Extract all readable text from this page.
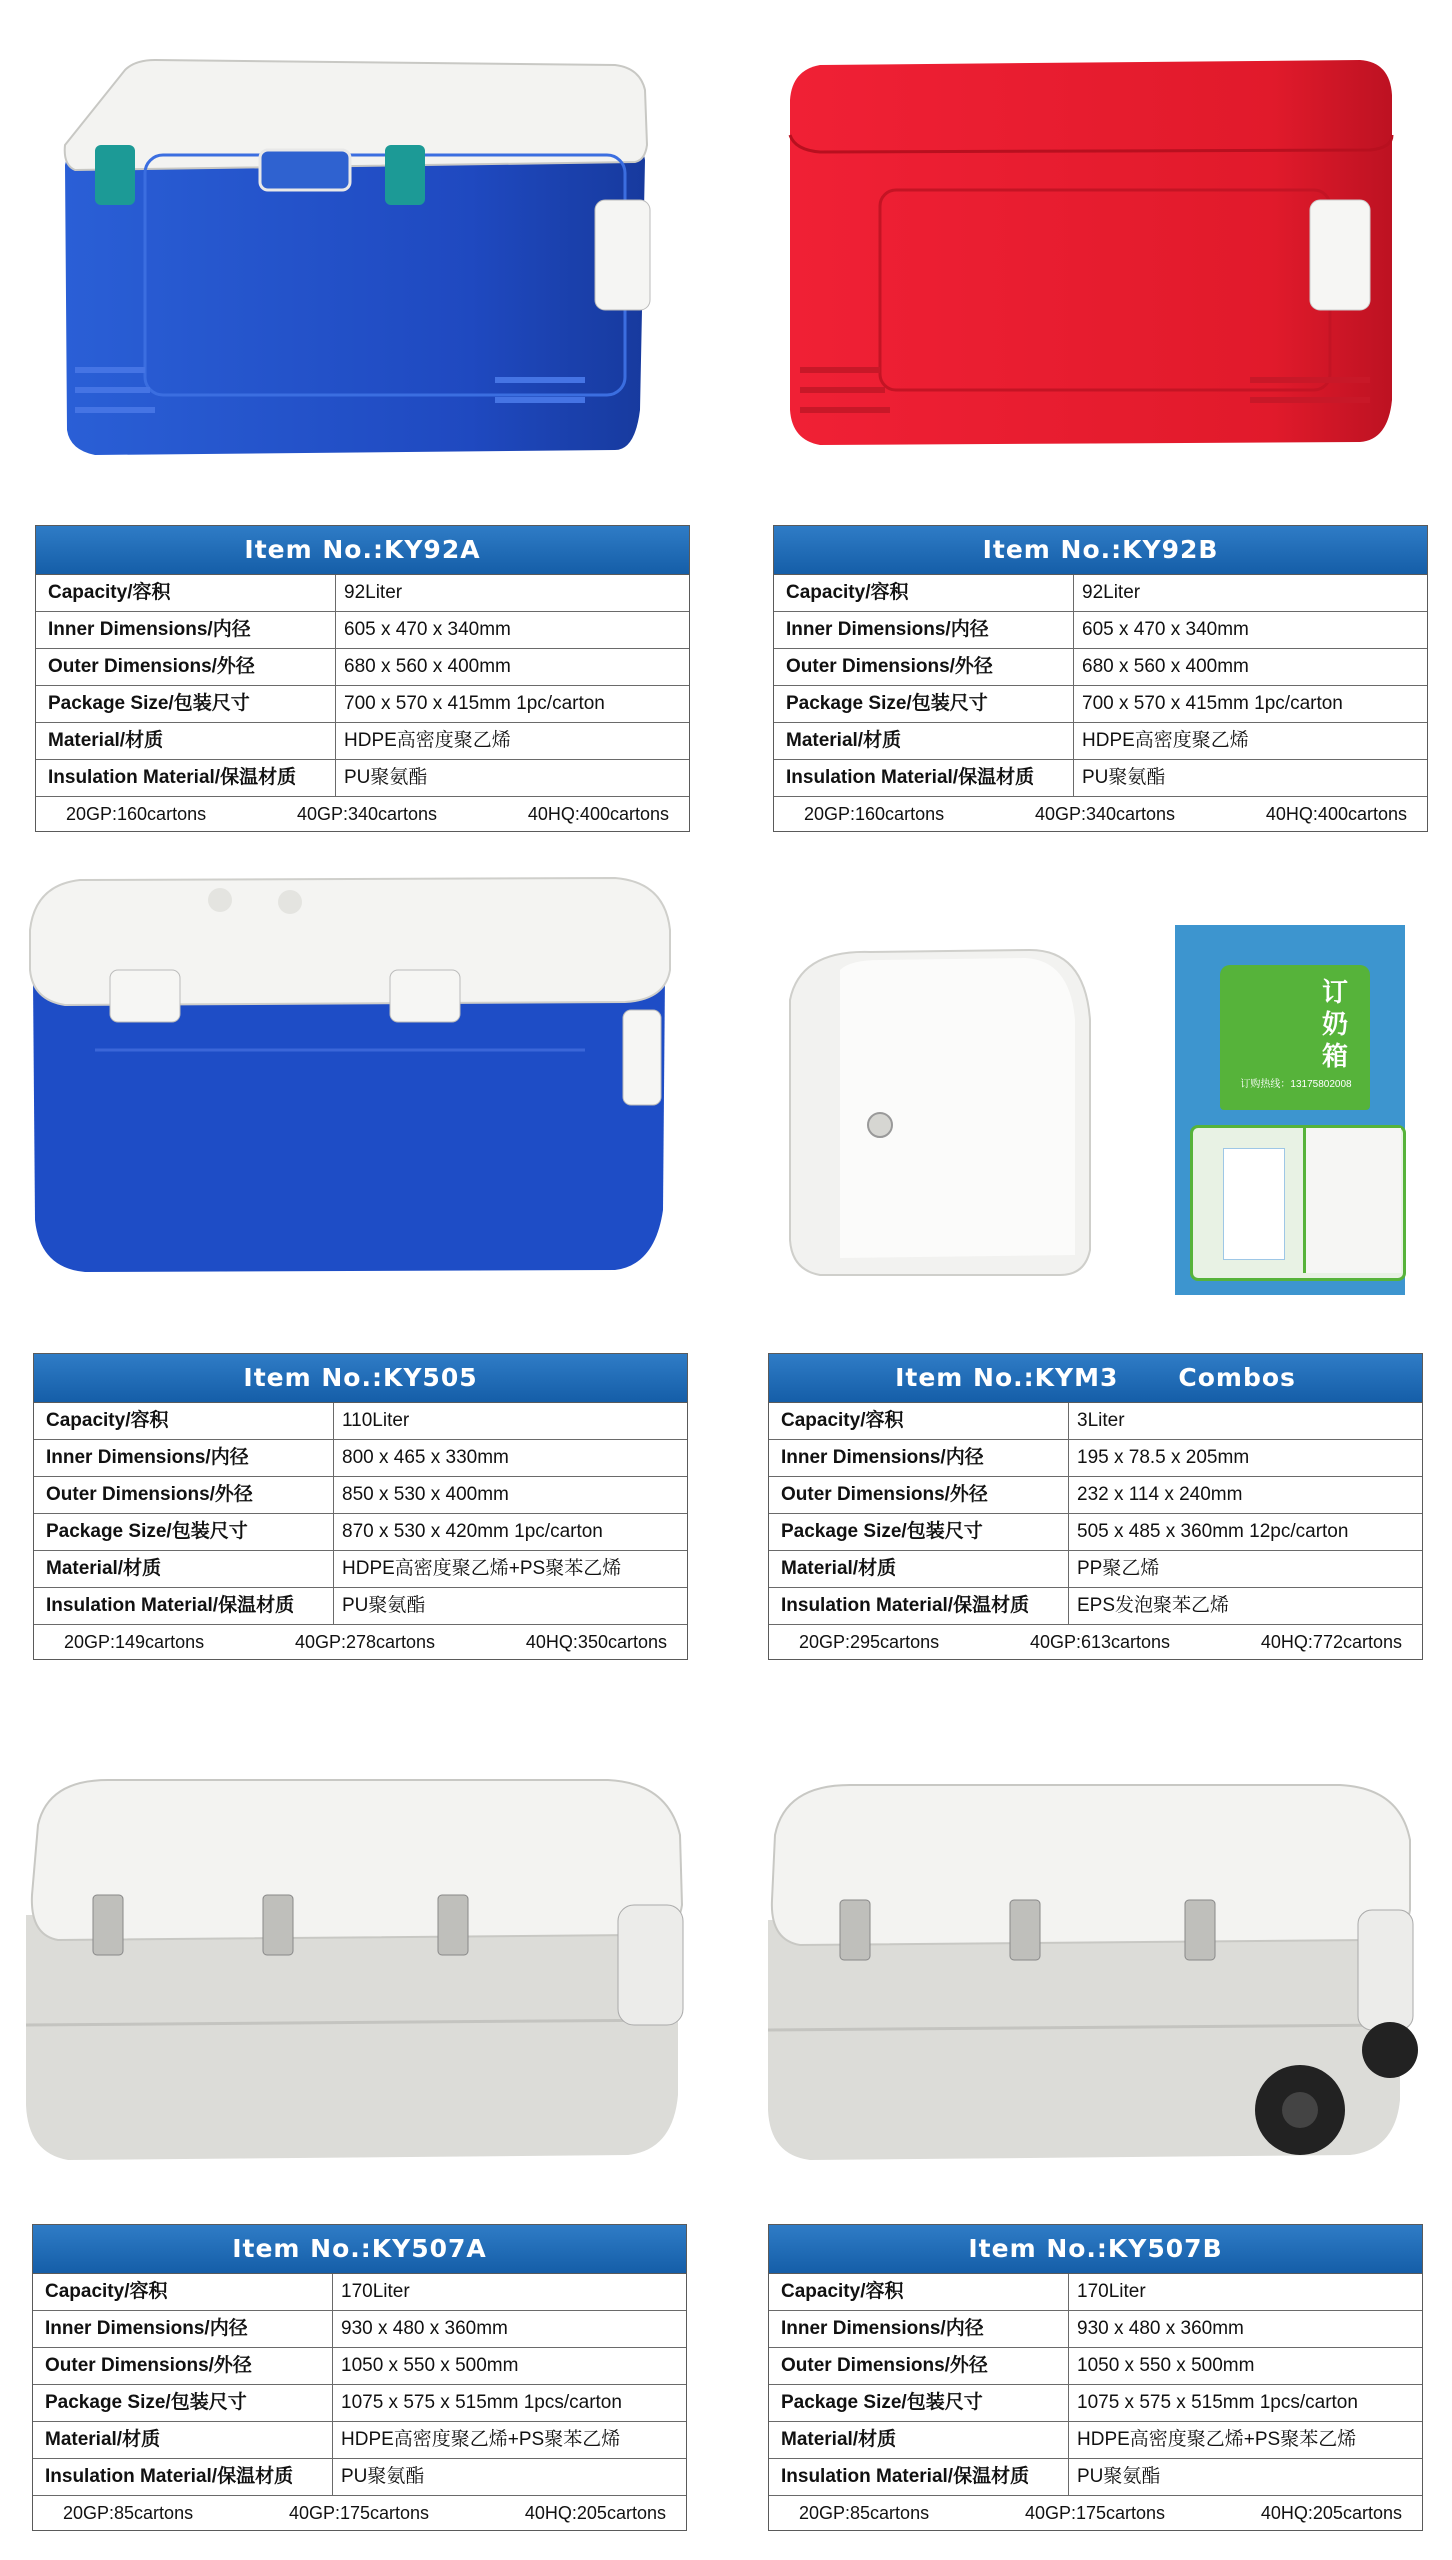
Item No.:KY92A
Capacity/容积	92Liter
Inner Dimensions/内径	605 x 470 x 340mm
Outer Dimensions/外径	680 x 560 x 400mm
Package Size/包装尺寸	700 x 570 x 415mm 1pc/carton
Material/材质	HDPE高密度聚乙烯
Insulation Material/保温材质	PU聚氨酯
20GP:160cartons	40GP:340cartons	40HQ:400cartons
Item No.:KY92B
Capacity/容积	92Liter
Inner Dimensions/内径	605 x 470 x 340mm
Outer Dimensions/外径	680 x 560 x 400mm
Package Size/包装尺寸	700 x 570 x 415mm 1pc/carton
Material/材质	HDPE高密度聚乙烯
Insulation Material/保温材质	PU聚氨酯
20GP:160cartons	40GP:340cartons	40HQ:400cartons
订奶箱
订购热线：13175802008
Item No.:KY505
Capacity/容积	110Liter
Inner Dimensions/内径	800 x 465 x 330mm
Outer Dimensions/外径	850 x 530 x 400mm
Package Size/包装尺寸	870 x 530 x 420mm 1pc/carton
Material/材质	HDPE高密度聚乙烯+PS聚苯乙烯
Insulation Material/保温材质	PU聚氨酯
20GP:149cartons	40GP:278cartons	40HQ:350cartons
Item No.:KYM3 Combos
Capacity/容积	3Liter
Inner Dimensions/内径	195 x 78.5 x 205mm
Outer Dimensions/外径	232 x 114 x 240mm
Package Size/包装尺寸	505 x 485 x 360mm 12pc/carton
Material/材质	PP聚乙烯
Insulation Material/保温材质	EPS发泡聚苯乙烯
20GP:295cartons	40GP:613cartons	40HQ:772cartons
Item No.:KY507A
Capacity/容积	170Liter
Inner Dimensions/内径	930 x 480 x 360mm
Outer Dimensions/外径	1050 x 550 x 500mm
Package Size/包装尺寸	1075 x 575 x 515mm 1pcs/carton
Material/材质	HDPE高密度聚乙烯+PS聚苯乙烯
Insulation Material/保温材质	PU聚氨酯
20GP:85cartons	40GP:175cartons	40HQ:205cartons
Item No.:KY507B
Capacity/容积	170Liter
Inner Dimensions/内径	930 x 480 x 360mm
Outer Dimensions/外径	1050 x 550 x 500mm
Package Size/包装尺寸	1075 x 575 x 515mm 1pcs/carton
Material/材质	HDPE高密度聚乙烯+PS聚苯乙烯
Insulation Material/保温材质	PU聚氨酯
20GP:85cartons	40GP:175cartons	40HQ:205cartons
